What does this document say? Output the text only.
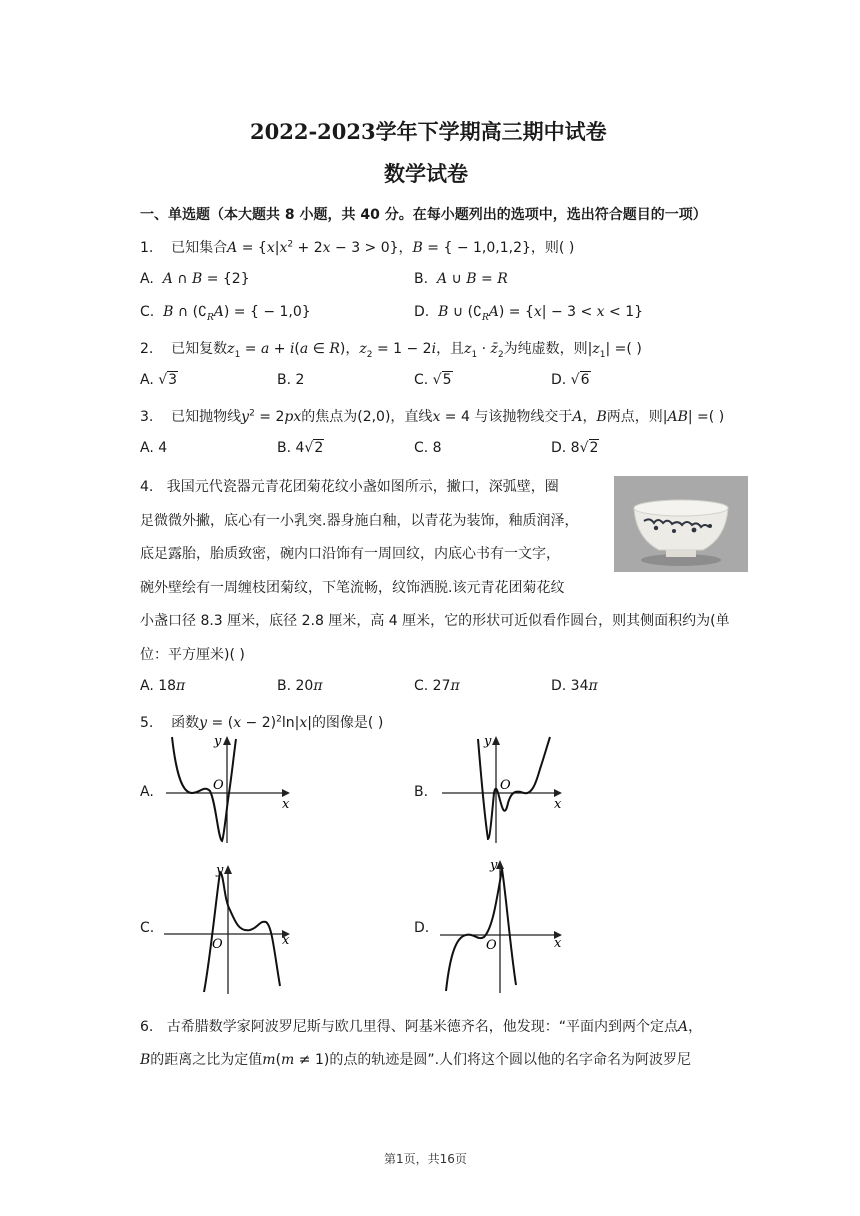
2022-2023学年下学期高三期中试卷
数学试卷
一、单选题（本大题共 8 小题，共 40 分。在每小题列出的选项中，选出符合题目的一项）
1. 已知集合$A = \{x|x^2 + 2x - 3 > 0\}$，B = { − 1,0,1,2}，则( )
A. A ∩ B = {2}	B. A ∪ B = R
C. B ∩ $(∁_RA)$ = { − 1,0}	D. B ∪ $(∁_RA) = \{x| - 3 < x < 1\}$
2. 已知复数$z_1 = a + i(a$ ∈ R)，$z_2 = 1 - 2i$，且$z_1$ · $z̄_2$为纯虚数，则$|z_1|$ =( )
A. √3	B. 2	C. √5	D. √6
3. 已知抛物线$y^2 = 2px$的焦点为(2,0)，直线x = 4 与该抛物线交于A，B两点，则|AB| =( )
A. 4	B. 4√2	C. 8	D. 8√2
4. 我国元代瓷器元青花团菊花纹小盏如图所示，撇口，深弧壁，圈
足微微外撇，底心有一小乳突.器身施白釉，以青花为装饰，釉质润泽，
底足露胎，胎质致密，碗内口沿饰有一周回纹，内底心书有一文字，
碗外壁绘有一周缠枝团菊纹，下笔流畅，纹饰洒脱.该元青花团菊花纹
小盏口径 8.3 厘米，底径 2.8 厘米，高 4 厘米，它的形状可近似看作圆台，则其侧面积约为(单
位：平方厘米)( )
A. 18π	B. 20π	C. 27π	D. 34π
5. 函数$y = (x - 2)^2\ln|x|$的图像是( )
A.	B.
C.	D.
y
O
x
y
O
x
y
O	x
y
O	x
6. 古希腊数学家阿波罗尼斯与欧几里得、阿基米德齐名，他发现：“平面内到两个定点A，
B的距离之比为定值m(m ≠ 1)的点的轨迹是圆”.人们将这个圆以他的名字命名为阿波罗尼
第1页，共16页
